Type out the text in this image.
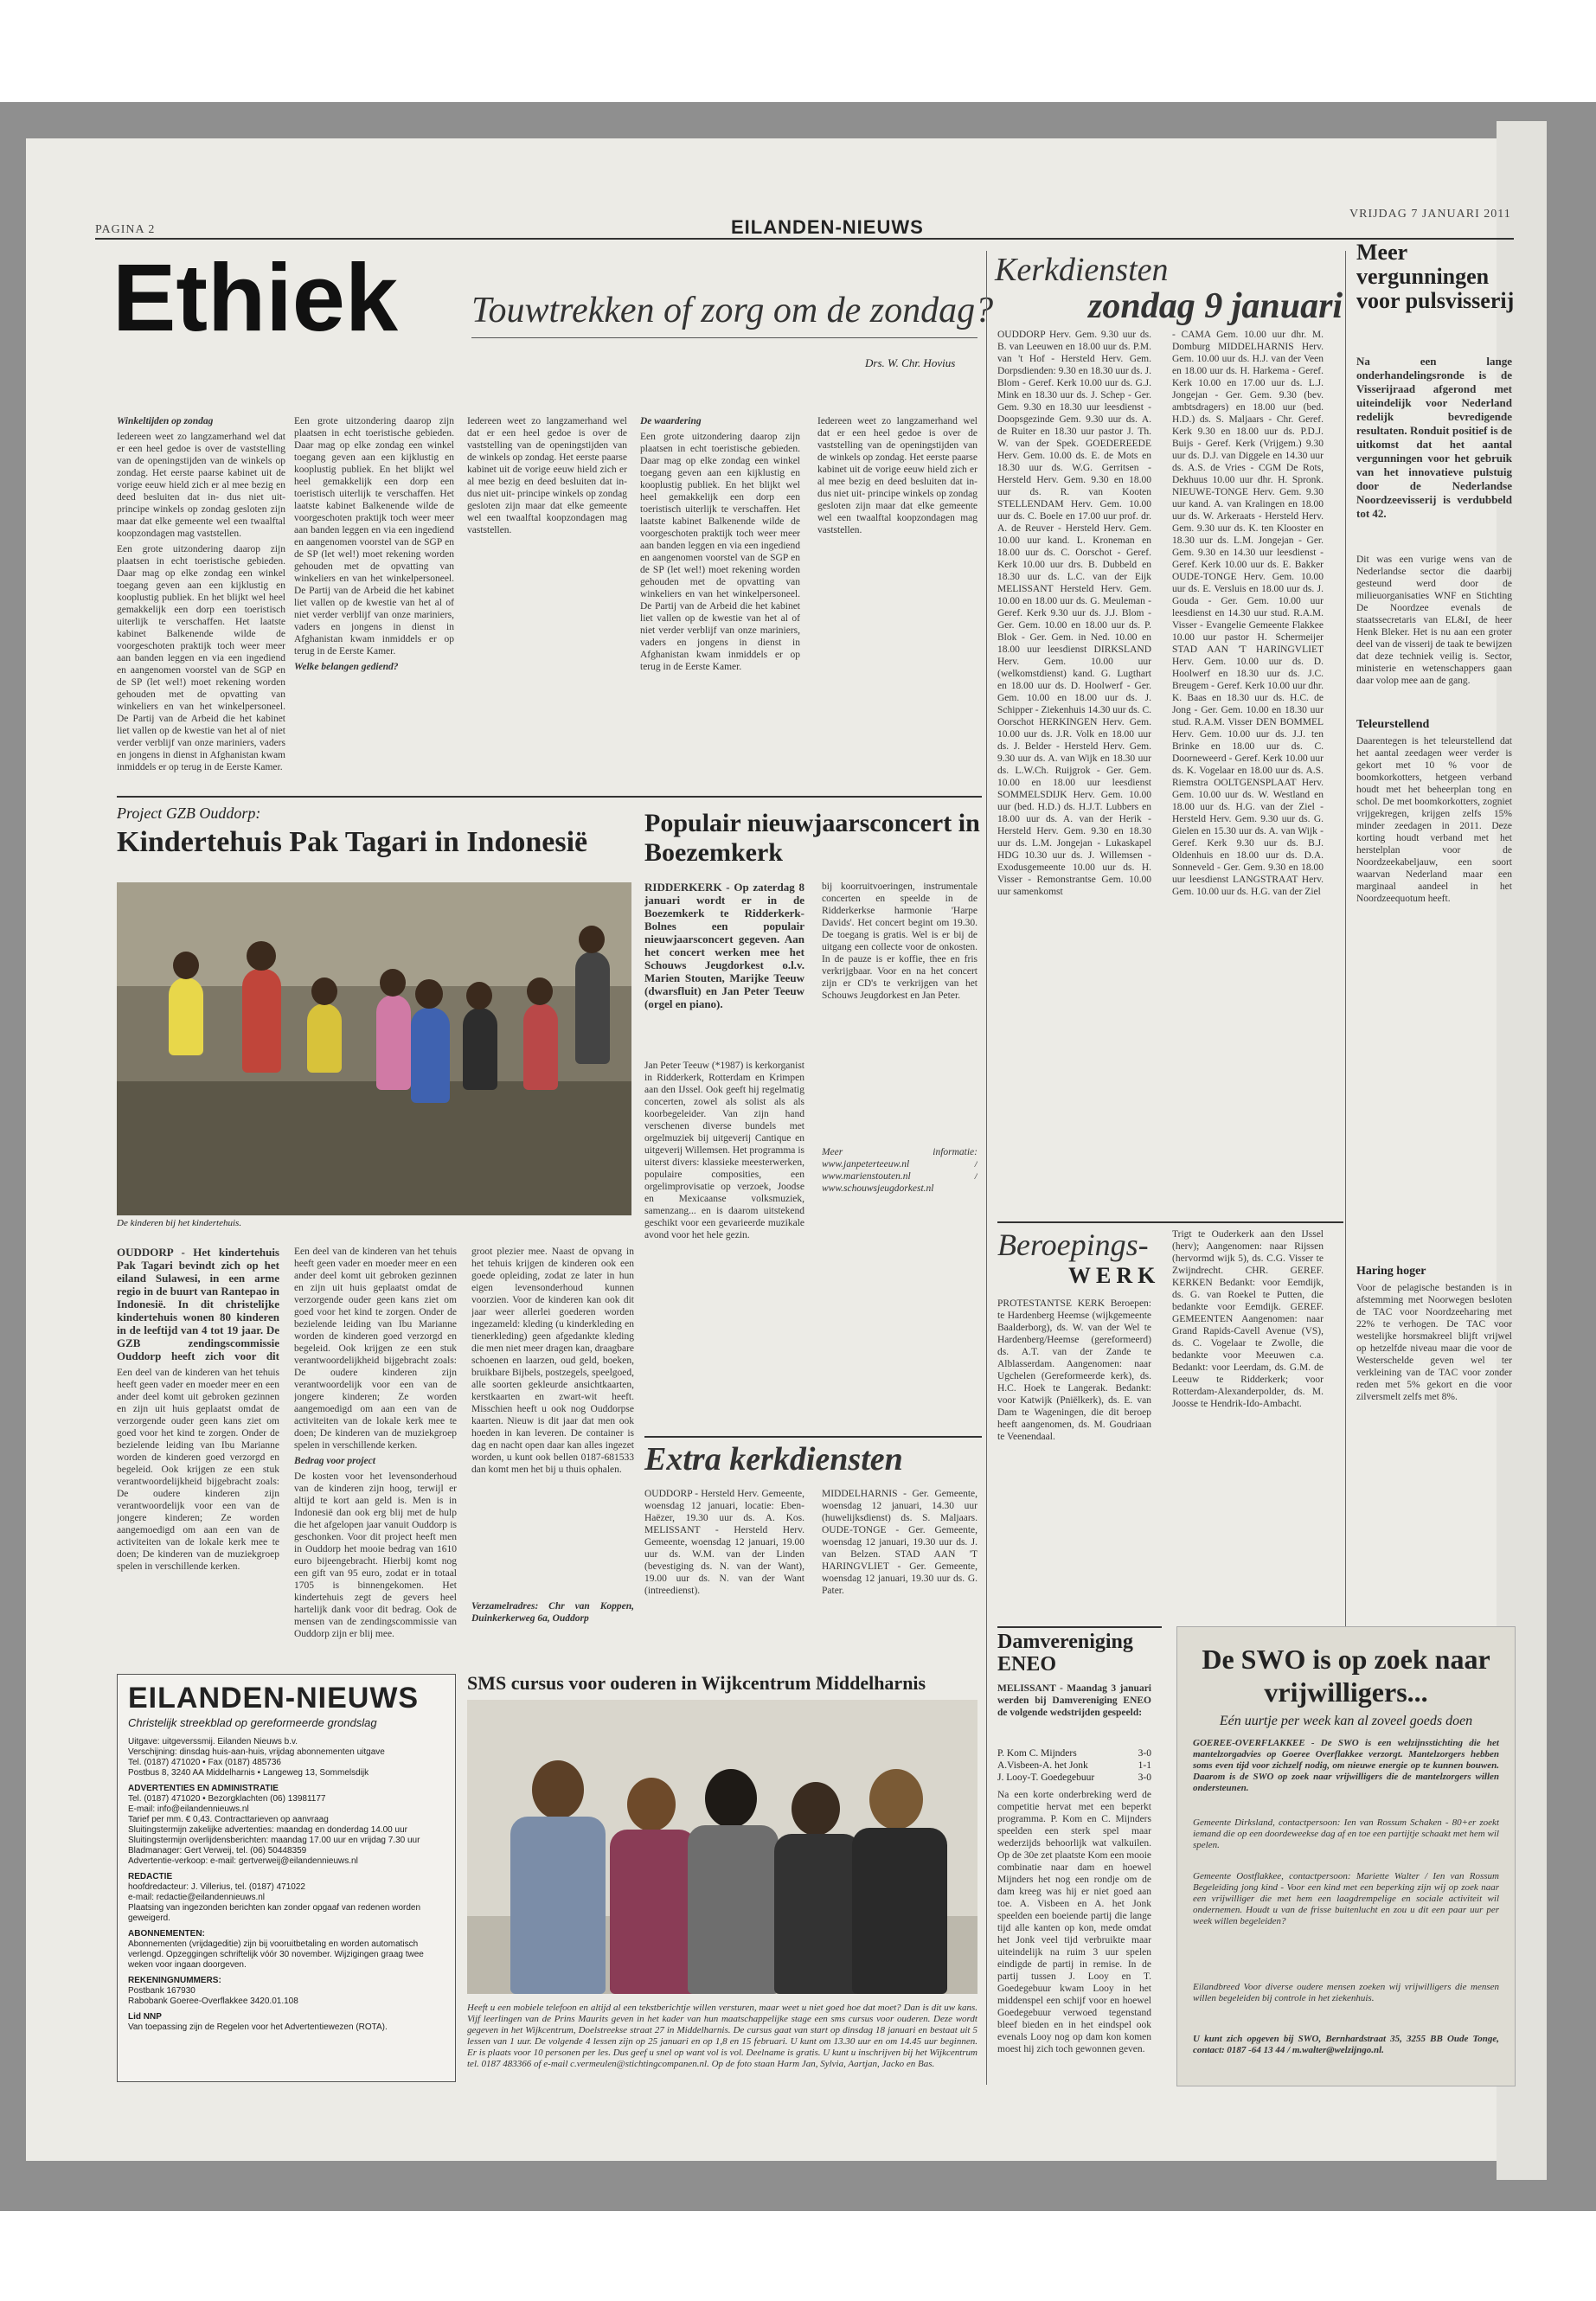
PAGINA 2	EILANDEN-NIEUWS
VRIJDAG 7 JANUARI 2011
Ethiek Touwtrekken of zorg om de zondag?
Drs. W. Chr. Hovius

Winkeltijden op zondag

Iedereen weet zo langzamerhand wel dat er een heel gedoe is over de vaststelling van de openingstijden van de winkels op zondag. Het eerste paarse kabinet uit de vorige eeuw hield zich er al mee bezig en deed besluiten dat in- dus niet uit- principe winkels op zondag gesloten zijn maar dat elke gemeente wel een twaalftal koopzondagen mag vaststellen.

Een grote uitzondering daarop zijn plaatsen in echt toeristische gebieden. Daar mag op elke zondag een winkel toegang geven aan een kijklustig en kooplustig publiek. En het blijkt wel heel gemakkelijk een dorp een toeristisch uiterlijk te verschaffen. Het laatste kabinet Balkenende wilde de voorgeschoten praktijk toch weer meer aan banden leggen en via een ingediend en aangenomen voorstel van de SGP en de SP (let wel!) moet rekening worden gehouden met de opvatting van winkeliers en van het winkelpersoneel. De Partij van de Arbeid die het kabinet liet vallen op de kwestie van het al of niet verder verblijf van onze mariniers, vaders en jongens in dienst in Afghanistan kwam inmiddels er op terug in de Eerste Kamer.

Een grote uitzondering daarop zijn plaatsen in echt toeristische gebieden. Daar mag op elke zondag een winkel toegang geven aan een kijklustig en kooplustig publiek. En het blijkt wel heel gemakkelijk een dorp een toeristisch uiterlijk te verschaffen. Het laatste kabinet Balkenende wilde de voorgeschoten praktijk toch weer meer aan banden leggen en via een ingediend en aangenomen voorstel van de SGP en de SP (let wel!) moet rekening worden gehouden met de opvatting van winkeliers en van het winkelpersoneel. De Partij van de Arbeid die het kabinet liet vallen op de kwestie van het al of niet verder verblijf van onze mariniers, vaders en jongens in dienst in Afghanistan kwam inmiddels er op terug in de Eerste Kamer.

Welke belangen gediend?

Iedereen weet zo langzamerhand wel dat er een heel gedoe is over de vaststelling van de openingstijden van de winkels op zondag. Het eerste paarse kabinet uit de vorige eeuw hield zich er al mee bezig en deed besluiten dat in- dus niet uit- principe winkels op zondag gesloten zijn maar dat elke gemeente wel een twaalftal koopzondagen mag vaststellen.

De waardering

Een grote uitzondering daarop zijn plaatsen in echt toeristische gebieden. Daar mag op elke zondag een winkel toegang geven aan een kijklustig en kooplustig publiek. En het blijkt wel heel gemakkelijk een dorp een toeristisch uiterlijk te verschaffen. Het laatste kabinet Balkenende wilde de voorgeschoten praktijk toch weer meer aan banden leggen en via een ingediend en aangenomen voorstel van de SGP en de SP (let wel!) moet rekening worden gehouden met de opvatting van winkeliers en van het winkelpersoneel. De Partij van de Arbeid die het kabinet liet vallen op de kwestie van het al of niet verder verblijf van onze mariniers, vaders en jongens in dienst in Afghanistan kwam inmiddels er op terug in de Eerste Kamer.

Iedereen weet zo langzamerhand wel dat er een heel gedoe is over de vaststelling van de openingstijden van de winkels op zondag. Het eerste paarse kabinet uit de vorige eeuw hield zich er al mee bezig en deed besluiten dat in- dus niet uit- principe winkels op zondag gesloten zijn maar dat elke gemeente wel een twaalftal koopzondagen mag vaststellen.

Kerkdiensten
zondag 9 januari
OUDDORP Herv. Gem. 9.30 uur ds. B. van Leeuwen en 18.00 uur ds. P.M. van 't Hof - Hersteld Herv. Gem. Dorpsdienden: 9.30 en 18.30 uur ds. J. Blom - Geref. Kerk 10.00 uur ds. G.J. Mink en 18.30 uur ds. J. Schep - Ger. Gem. 9.30 en 18.30 uur leesdienst - Doopsgezinde Gem. 9.30 uur ds. A. de Ruiter en 18.30 uur pastor J. Th. W. van der Spek. GOEDEREEDE Herv. Gem. 10.00 ds. E. de Mots en 18.30 uur ds. W.G. Gerritsen - Hersteld Herv. Gem. 9.30 en 18.00 uur ds. R. van Kooten STELLENDAM Herv. Gem. 10.00 uur ds. C. Boele en 17.00 uur prof. dr. A. de Reuver - Hersteld Herv. Gem. 10.00 uur kand. L. Kroneman en 18.00 uur ds. C. Oorschot - Geref. Kerk 10.00 uur drs. B. Dubbeld en 18.30 uur ds. L.C. van der Eijk MELISSANT Hersteld Herv. Gem. 10.00 en 18.00 uur ds. G. Meuleman - Geref. Kerk 9.30 uur ds. J.J. Blom - Ger. Gem. 10.00 en 18.00 uur ds. P. Blok - Ger. Gem. in Ned. 10.00 en 18.00 uur leesdienst DIRKSLAND Herv. Gem. 10.00 uur (welkomstdienst) kand. G. Lugthart en 18.00 uur ds. D. Hoolwerf - Ger. Gem. 10.00 en 18.00 uur ds. J. Schipper - Ziekenhuis 14.30 uur ds. C. Oorschot HERKINGEN Herv. Gem. 10.00 uur ds. J.R. Volk en 18.00 uur ds. J. Belder - Hersteld Herv. Gem. 9.30 uur ds. A. van Wijk en 18.30 uur ds. L.W.Ch. Ruijgrok - Ger. Gem. 10.00 en 18.00 uur leesdienst SOMMELSDIJK Herv. Gem. 10.00 uur (bed. H.D.) ds. H.J.T. Lubbers en 18.00 uur ds. A. van der Herik - Hersteld Herv. Gem. 9.30 en 18.30 uur ds. L.M. Jongejan - Lukaskapel HDG 10.30 uur ds. J. Willemsen - Exodusgemeente 10.00 uur ds. H. Visser - Remonstrantse Gem. 10.00 uur samenkomst
- CAMA Gem. 10.00 uur dhr. M. Domburg MIDDELHARNIS Herv. Gem. 10.00 uur ds. H.J. van der Veen en 18.00 uur ds. H. Harkema - Geref. Kerk 10.00 en 17.00 uur ds. L.J. Jongejan - Ger. Gem. 9.30 (bev. ambtsdragers) en 18.00 uur (bed. H.D.) ds. S. Maljaars - Chr. Geref. Kerk 9.30 en 18.00 uur ds. P.D.J. Buijs - Geref. Kerk (Vrijgem.) 9.30 uur ds. D.J. van Diggele en 14.30 uur ds. A.S. de Vries - CGM De Rots, Dekhuus 10.00 uur dhr. H. Spronk. NIEUWE-TONGE Herv. Gem. 9.30 uur kand. A. van Kralingen en 18.00 uur ds. W. Arkeraats - Hersteld Herv. Gem. 9.30 uur ds. K. ten Klooster en 18.30 uur ds. L.M. Jongejan - Ger. Gem. 9.30 en 14.30 uur leesdienst - Geref. Kerk 10.00 uur ds. E. Bakker OUDE-TONGE Herv. Gem. 10.00 uur ds. E. Versluis en 18.00 uur ds. J. Gouda - Ger. Gem. 10.00 uur leesdienst en 14.30 uur stud. R.A.M. Visser - Evangelie Gemeente Flakkee 10.00 uur pastor H. Schermeijer STAD AAN 'T HARINGVLIET Herv. Gem. 10.00 uur ds. D. Hoolwerf en 18.30 uur ds. J.C. Breugem - Geref. Kerk 10.00 uur dhr. K. Baas en 18.30 uur ds. H.C. de Jong - Ger. Gem. 10.00 en 18.30 uur stud. R.A.M. Visser DEN BOMMEL Herv. Gem. 10.00 uur ds. J.J. ten Brinke en 18.00 uur ds. C. Doorneweerd - Geref. Kerk 10.00 uur ds. K. Vogelaar en 18.00 uur ds. A.S. Riemstra OOLTGENSPLAAT Herv. Gem. 10.00 uur ds. W. Westland en 18.00 uur ds. H.G. van der Ziel - Hersteld Herv. Gem. 9.30 uur ds. G. Gielen en 15.30 uur ds. A. van Wijk - Geref. Kerk 9.30 uur ds. B.J. Oldenhuis en 18.00 uur ds. D.A. Sonneveld - Ger. Gem. 9.30 en 18.00 uur leesdienst LANGSTRAAT Herv. Gem. 10.00 uur ds. H.G. van der Ziel
Meer vergunningen voor pulsvisserij
Na een lange onderhandelingsronde is de Visserijraad afgerond met uiteindelijk voor Nederland redelijk bevredigende resultaten. Ronduit positief is de uitkomst dat het aantal vergunningen voor het gebruik van het innovatieve pulstuig door de Nederlandse Noordzeevisserij is verdubbeld tot 42.
Dit was een vurige wens van de Nederlandse sector die daarbij gesteund werd door de milieuorganisaties WNF en Stichting De Noordzee evenals de staatssecretaris van EL&I, de heer Henk Bleker. Het is nu aan een groter deel van de visserij de taak te bewijzen dat deze techniek veilig is. Sector, ministerie en wetenschappers gaan daar volop mee aan de gang.
Teleurstellend
Daarentegen is het teleurstellend dat het aantal zeedagen weer verder is gekort met 10 % voor de boomkorkotters, hetgeen verband houdt met het beheerplan tong en schol. De met boomkorkotters, zogniet vrijgekregen, krijgen zelfs 15% minder zeedagen in 2011. Deze korting houdt verband met het herstelplan voor de Noordzeekabeljauw, een soort waarvan Nederland maar een marginaal aandeel in het Noordzeequotum heeft.
Haring hoger
Voor de pelagische bestanden is in afstemming met Noorwegen besloten de TAC voor Noordzeeharing met 22% te verhogen. De TAC voor westelijke horsmakreel blijft vrijwel op hetzelfde niveau maar die voor de Westerschelde geven wel ter verkleining van de TAC voor zonder reden met 5% gekort en die voor zilversmelt zelfs met 8%.
Project GZB Ouddorp:
Kindertehuis Pak Tagari in Indonesië
De kinderen bij het kindertehuis.
OUDDORP - Het kindertehuis Pak Tagari bevindt zich op het eiland Sulawesi, in een arme regio in de buurt van Rantepao in Indonesië. In dit christelijke kindertehuis wonen 80 kinderen in de leeftijd van 4 tot 19 jaar. De GZB zendingscommissie Ouddorp heeft zich voor dit
Een deel van de kinderen van het tehuis heeft geen vader en moeder meer en een ander deel komt uit gebroken gezinnen en zijn uit huis geplaatst omdat de verzorgende ouder geen kans ziet om goed voor het kind te zorgen. Onder de bezielende leiding van Ibu Marianne worden de kinderen goed verzorgd en begeleid. Ook krijgen ze een stuk verantwoordelijkheid bijgebracht zoals: De oudere kinderen zijn verantwoordelijk voor een van de jongere kinderen; Ze worden aangemoedigd om aan een van de activiteiten van de lokale kerk mee te doen; De kinderen van de muziekgroep spelen in verschillende kerken.

Een deel van de kinderen van het tehuis heeft geen vader en moeder meer en een ander deel komt uit gebroken gezinnen en zijn uit huis geplaatst omdat de verzorgende ouder geen kans ziet om goed voor het kind te zorgen. Onder de bezielende leiding van Ibu Marianne worden de kinderen goed verzorgd en begeleid. Ook krijgen ze een stuk verantwoordelijkheid bijgebracht zoals: De oudere kinderen zijn verantwoordelijk voor een van de jongere kinderen; Ze worden aangemoedigd om aan een van de activiteiten van de lokale kerk mee te doen; De kinderen van de muziekgroep spelen in verschillende kerken.

Bedrag voor project

De kosten voor het levensonderhoud van de kinderen zijn hoog, terwijl er altijd te kort aan geld is. Men is in Indonesië dan ook erg blij met de hulp die het afgelopen jaar vanuit Ouddorp is geschonken. Voor dit project heeft men in Ouddorp het mooie bedrag van 1610 euro bijeengebracht. Hierbij komt nog een gift van 95 euro, zodat er in totaal 1705 is binnengekomen. Het kindertehuis zegt de gevers heel hartelijk dank voor dit bedrag. Ook de mensen van de zendingscommissie van Ouddorp zijn er blij mee.

groot plezier mee. Naast de opvang in het tehuis krijgen de kinderen ook een goede opleiding, zodat ze later in hun eigen levensonderhoud kunnen voorzien. Voor de kinderen kan ook dit jaar weer allerlei goederen worden ingezameld: kleding (u kinderkleding en tienerkleding) geen afgedankte kleding die men niet meer dragen kan, draagbare schoenen en laarzen, oud geld, boeken, bruikbare Bijbels, postzegels, speelgoed, alle soorten gekleurde ansichtkaarten, kerstkaarten en zwart-wit heeft. Misschien heeft u ook nog Ouddorpse kaarten. Nieuw is dit jaar dat men ook hoeden in kan leveren. De container is dag en nacht open daar kan alles ingezet worden, u kunt ook bellen 0187-681533 dan komt men het bij u thuis ophalen.
Verzamelradres: Chr van Koppen, Duinkerkerweg 6a, Ouddorp
Populair nieuwjaarsconcert in Boezemkerk
RIDDERKERK - Op zaterdag 8 januari wordt er in de Boezemkerk te Ridderkerk-Bolnes een populair nieuwjaarsconcert gegeven. Aan het concert werken mee het Schouws Jeugdorkest o.l.v. Marien Stouten, Marijke Teeuw (dwarsfluit) en Jan Peter Teeuw (orgel en piano).
Jan Peter Teeuw (*1987) is kerkorganist in Ridderkerk, Rotterdam en Krimpen aan den IJssel. Ook geeft hij regelmatig concerten, zowel als solist als als koorbegeleider. Van zijn hand verschenen diverse bundels met orgelmuziek bij uitgeverij Cantique en uitgeverij Willemsen. Het programma is uiterst divers: klassieke meesterwerken, populaire composities, een orgelimprovisatie op verzoek, Joodse en Mexicaanse volksmuziek, samenzang... en is daarom uitstekend geschikt voor een gevarieerde muzikale avond voor het hele gezin.
bij koorruitvoeringen, instrumentale concerten en speelde in de Ridderkerkse harmonie 'Harpe Davids'. Het concert begint om 19.30. De toegang is gratis. Wel is er bij de uitgang een collecte voor de onkosten. In de pauze is er koffie, thee en fris verkrijgbaar. Voor en na het concert zijn er CD's te verkrijgen van het Schouws Jeugdorkest en Jan Peter.
Meer informatie: www.janpeterteeuw.nl / www.marienstouten.nl / www.schouwsjeugdorkest.nl
Extra kerkdiensten
OUDDORP - Hersteld Herv. Gemeente, woensdag 12 januari, locatie: Eben-Haëzer, 19.30 uur ds. A. Kos. MELISSANT - Hersteld Herv. Gemeente, woensdag 12 januari, 19.00 uur ds. W.M. van der Linden (bevestiging ds. N. van der Want), 19.00 uur ds. N. van der Want (intreedienst).
MIDDELHARNIS - Ger. Gemeente, woensdag 12 januari, 14.30 uur (huwelijksdienst) ds. S. Maljaars. OUDE-TONGE - Ger. Gemeente, woensdag 12 januari, 19.30 uur ds. J. van Belzen. STAD AAN 'T HARINGVLIET - Ger. Gemeente, woensdag 12 januari, 19.30 uur ds. G. Pater.
Beroepings-
WERK
PROTESTANTSE KERK Beroepen: te Hardenberg Heemse (wijkgemeente Baalderborg), ds. W. van der Wel te Hardenberg/Heemse (gereformeerd) ds. A.T. van der Zande te Alblasserdam. Aangenomen: naar Ugchelen (Gereformeerde kerk), ds. H.C. Hoek te Langerak. Bedankt: voor Katwijk (Pniëlkerk), ds. E. van Dam te Wageningen, die dit beroep heeft aangenomen, ds. M. Goudriaan te Veenendaal.
Trigt te Ouderkerk aan den IJssel (herv); Aangenomen: naar Rijssen (hervormd wijk 5), ds. C.G. Visser te Zwijndrecht. CHR. GEREF. KERKEN Bedankt: voor Eemdijk, ds. G. van Roekel te Putten, die bedankte voor Eemdijk. GEREF. GEMEENTEN Aangenomen: naar Grand Rapids-Cavell Avenue (VS), ds. C. Vogelaar te Zwolle, die bedankte voor Meeuwen c.a. Bedankt: voor Leerdam, ds. G.M. de Leeuw te Ridderkerk; voor Rotterdam-Alexanderpolder, ds. M. Joosse te Hendrik-Ido-Ambacht.
EILANDEN-NIEUWS
Christelijk streekblad op gereformeerde grondslag
Uitgave: uitgeverssmij. Eilanden Nieuws b.v.
Verschijning: dinsdag huis-aan-huis, vrijdag abonnementen uitgave
Tel. (0187) 471020 • Fax (0187) 485736
Postbus 8, 3240 AA Middelharnis • Langeweg 13, Sommelsdijk
ADVERTENTIES EN ADMINISTRATIE
Tel. (0187) 471020 • Bezorgklachten (06) 13981177
E-mail: info@eilandennieuws.nl
Tarief per mm. € 0,43. Contracttarieven op aanvraag
Sluitingstermijn zakelijke advertenties: maandag en donderdag 14.00 uur
Sluitingstermijn overlijdensberichten: maandag 17.00 uur en vrijdag 7.30 uur
Bladmanager: Gert Verweij, tel. (06) 50448359
Advertentie-verkoop: e-mail: gertverweij@eilandennieuws.nl
REDACTIE
hoofdredacteur: J. Villerius, tel. (0187) 471022
e-mail: redactie@eilandennieuws.nl
Plaatsing van ingezonden berichten kan zonder opgaaf van redenen worden geweigerd.
ABONNEMENTEN:
Abonnementen (vrijdageditie) zijn bij vooruitbetaling en worden automatisch verlengd. Opzeggingen schriftelijk vóór 30 november. Wijzigingen graag twee weken voor ingaan doorgeven.
REKENINGNUMMERS:
Postbank 167930
Rabobank Goeree-Overflakkee 3420.01.108
Lid NNP
Van toepassing zijn de Regelen voor het Advertentiewezen (ROTA).
SMS cursus voor ouderen in Wijkcentrum Middelharnis
Heeft u een mobiele telefoon en altijd al een tekstberichtje willen versturen, maar weet u niet goed hoe dat moet? Dan is dit uw kans. Vijf leerlingen van de Prins Maurits geven in het kader van hun maatschappelijke stage een sms cursus voor ouderen. Deze wordt gegeven in het Wijkcentrum, Doelstreekse straat 27 in Middelharnis. De cursus gaat van start op dinsdag 18 januari en bestaat uit 5 lessen van 1 uur. De volgende 4 lessen zijn op 25 januari en op 1,8 en 15 februari. U kunt om 13.30 uur en om 14.45 uur beginnen. Er is plaats voor 10 personen per les. Dus geef u snel op want vol is vol. Deelname is gratis. U kunt u inschrijven bij het Wijkcentrum tel. 0187 483366 of e-mail c.vermeulen@stichtingcompanen.nl. Op de foto staan Harm Jan, Sylvia, Aartjan, Jacko en Bas.
Damvereniging ENEO
MELISSANT - Maandag 3 januari werden bij Damvereniging ENEO de volgende wedstrijden gespeeld:
P. Kom C. Mijnders	3-0
A.Visbeen-A. het Jonk	1-1
J. Looy-T. Goedegebuur	3-0
Na een korte onderbreking werd de competitie hervat met een beperkt programma. P. Kom en C. Mijnders speelden een sterk spel maar wederzijds behoorlijk wat valkuilen. Op de 30e zet plaatste Kom een mooie combinatie naar dam en hoewel Mijnders het nog een rondje om de dam kreeg was hij er niet goed aan toe. A. Visbeen en A. het Jonk speelden een boeiende partij die lange tijd alle kanten op kon, mede omdat het Jonk veel tijd verbruikte maar uiteindelijk na ruim 3 uur spelen eindigde de partij in remise. In de partij tussen J. Looy en T. Goedegebuur kwam Looy in het middenspel een schijf voor en hoewel Goedegebuur verwoed tegenstand bleef bieden en in het eindspel ook evenals Looy nog op dam kon komen moest hij zich toch gewonnen geven.
De SWO is op zoek naar vrijwilligers...
Eén uurtje per week kan al zoveel goeds doen
GOEREE-OVERFLAKKEE - De SWO is een welzijnsstichting die het mantelzorgadvies op Goeree Overflakkee verzorgt. Mantelzorgers hebben soms even tijd voor zichzelf nodig, om nieuwe energie op te kunnen bouwen. Daarom is de SWO op zoek naar vrijwilligers die de mantelzorgers willen ondersteunen.
Gemeente Dirksland, contactpersoon: Ien van Rossum Schaken - 80+er zoekt iemand die op een doordeweekse dag af en toe een partijtje schaakt met hem wil spelen.
Gemeente Oostflakkee, contactpersoon: Mariette Walter / Ien van Rossum Begeleiding jong kind - Voor een kind met een beperking zijn wij op zoek naar een vrijwilliger die met hem een laagdrempelige en sociale activiteit wil ondernemen. Houdt u van de frisse buitenlucht en zou u dit een paar uur per week willen begeleiden?
Eilandbreed Voor diverse oudere mensen zoeken wij vrijwilligers die mensen willen begeleiden bij controle in het ziekenhuis.
U kunt zich opgeven bij SWO, Bernhardstraat 35, 3255 BB Oude Tonge, contact: 0187 -64 13 44 / m.walter@welzijngo.nl.
